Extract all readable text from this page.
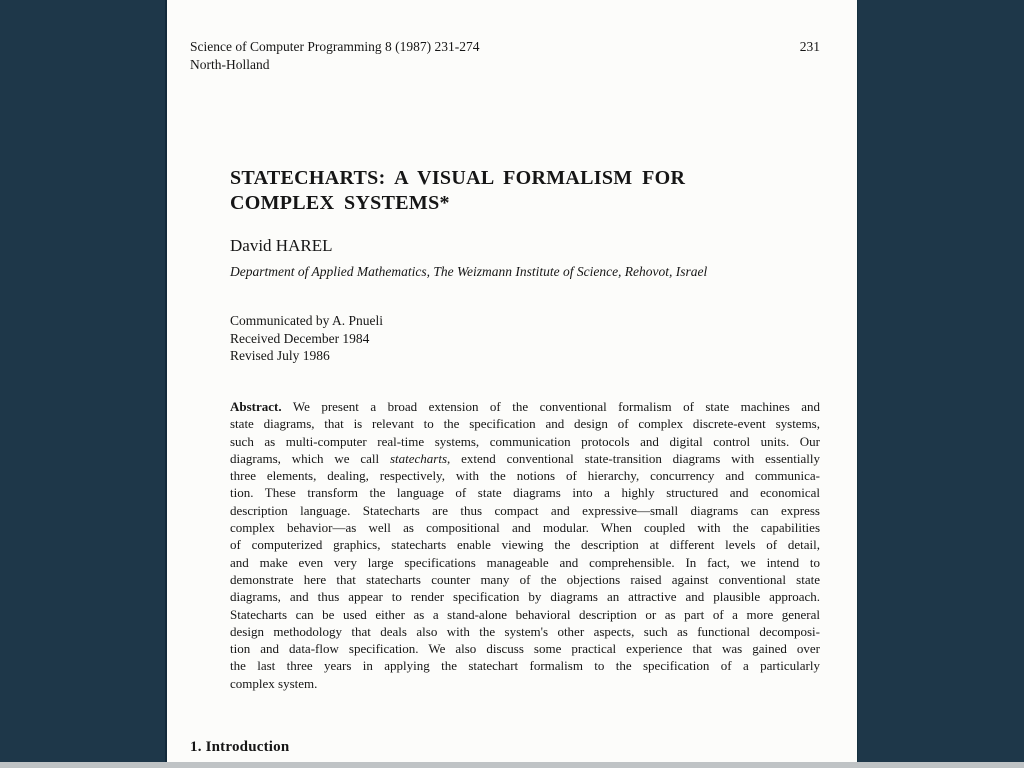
Science of Computer Programming 8 (1987) 231-274	231
North-Holland
STATECHARTS: A VISUAL FORMALISM FOR
COMPLEX SYSTEMS*
David HAREL
Department of Applied Mathematics, The Weizmann Institute of Science, Rehovot, Israel
Communicated by A. Pnueli
Received December 1984
Revised July 1986
Abstract. We present a broad extension of the conventional formalism of state machines and
state diagrams, that is relevant to the specification and design of complex discrete-event systems,
such as multi-computer real-time systems, communication protocols and digital control units. Our
diagrams, which we call statecharts, extend conventional state-transition diagrams with essentially
three elements, dealing, respectively, with the notions of hierarchy, concurrency and communica-
tion. These transform the language of state diagrams into a highly structured and economical
description language. Statecharts are thus compact and expressive—small diagrams can express
complex behavior—as well as compositional and modular. When coupled with the capabilities
of computerized graphics, statecharts enable viewing the description at different levels of detail,
and make even very large specifications manageable and comprehensible. In fact, we intend to
demonstrate here that statecharts counter many of the objections raised against conventional state
diagrams, and thus appear to render specification by diagrams an attractive and plausible approach.
Statecharts can be used either as a stand-alone behavioral description or as part of a more general
design methodology that deals also with the system's other aspects, such as functional decomposi-
tion and data-flow specification. We also discuss some practical experience that was gained over
the last three years in applying the statechart formalism to the specification of a particularly
complex system.
1. Introduction
